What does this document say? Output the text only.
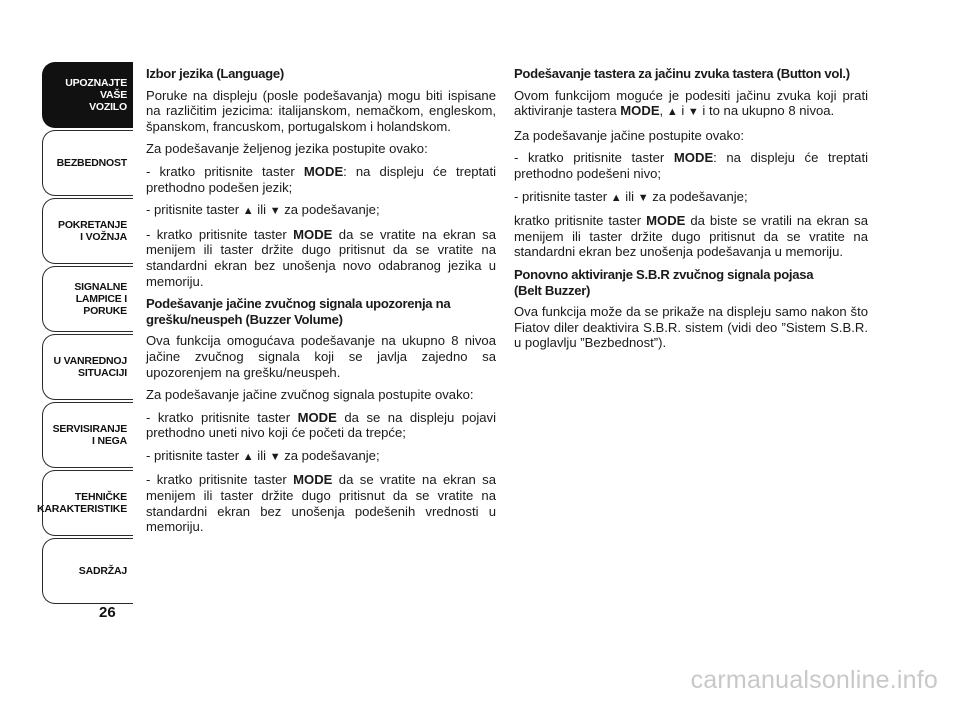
UPOZNAJTE
VAŠE
VOZILO
BEZBEDNOST
POKRETANJE
I VOŽNJA
SIGNALNE
LAMPICE I PORUKE
U VANREDNOJ
SITUACIJI
SERVISIRANJE
I NEGA
TEHNIČKE
KARAKTERISTIKE
SADRŽAJ
26
Izbor jezika (Language)

Poruke na displeju (posle podešavanja) mogu biti ispisane na različitim jezicima: italijanskom, nemačkom, engleskom, španskom, francuskom, portugalskom i holandskom.

Za podešavanje željenog jezika postupite ovako:

- kratko pritisnite taster MODE: na displeju će treptati prethodno podešen jezik;

- pritisnite taster ▲ ili ▼ za podešavanje;

- kratko pritisnite taster MODE da se vratite na ekran sa menijem ili taster držite dugo pritisnut da se vratite na standardni ekran bez unošenja novo odabranog jezika u memoriju.

Podešavanje jačine zvučnog signala upozorenja na
grešku/neuspeh (Buzzer Volume)

Ova funkcija omogućava podešavanje na ukupno 8 nivoa jačine zvučnog signala koji se javlja zajedno sa upozorenjem na grešku/neuspeh.

Za podešavanje jačine zvučnog signala postupite ovako:

- kratko pritisnite taster MODE da se na displeju pojavi prethodno uneti nivo koji će početi da trepće;

- pritisnite taster ▲ ili ▼ za podešavanje;

- kratko pritisnite taster MODE da se vratite na ekran sa menijem ili taster držite dugo pritisnut da se vratite na standardni ekran bez unošenja podešenih vrednosti u memoriju.

Podešavanje tastera za jačinu zvuka tastera (Button vol.)

Ovom funkcijom moguće je podesiti jačinu zvuka koji prati aktiviranje tastera MODE, ▲ i ▼ i to na ukupno 8 nivoa.

Za podešavanje jačine postupite ovako:

- kratko pritisnite taster MODE: na displeju će treptati prethodno podešeni nivo;

- pritisnite taster ▲ ili ▼ za podešavanje;

kratko pritisnite taster MODE da biste se vratili na ekran sa menijem ili taster držite dugo pritisnut da se vratite na standardni ekran bez unošenja podešavanja u memoriju.

Ponovno aktiviranje S.B.R zvučnog signala pojasa
(Belt Buzzer)

Ova funkcija može da se prikaže na displeju samo nakon što Fiatov diler deaktivira S.B.R. sistem (vidi deo ”Sistem S.B.R. u poglavlju ”Bezbednost”).

carmanualsonline.info
